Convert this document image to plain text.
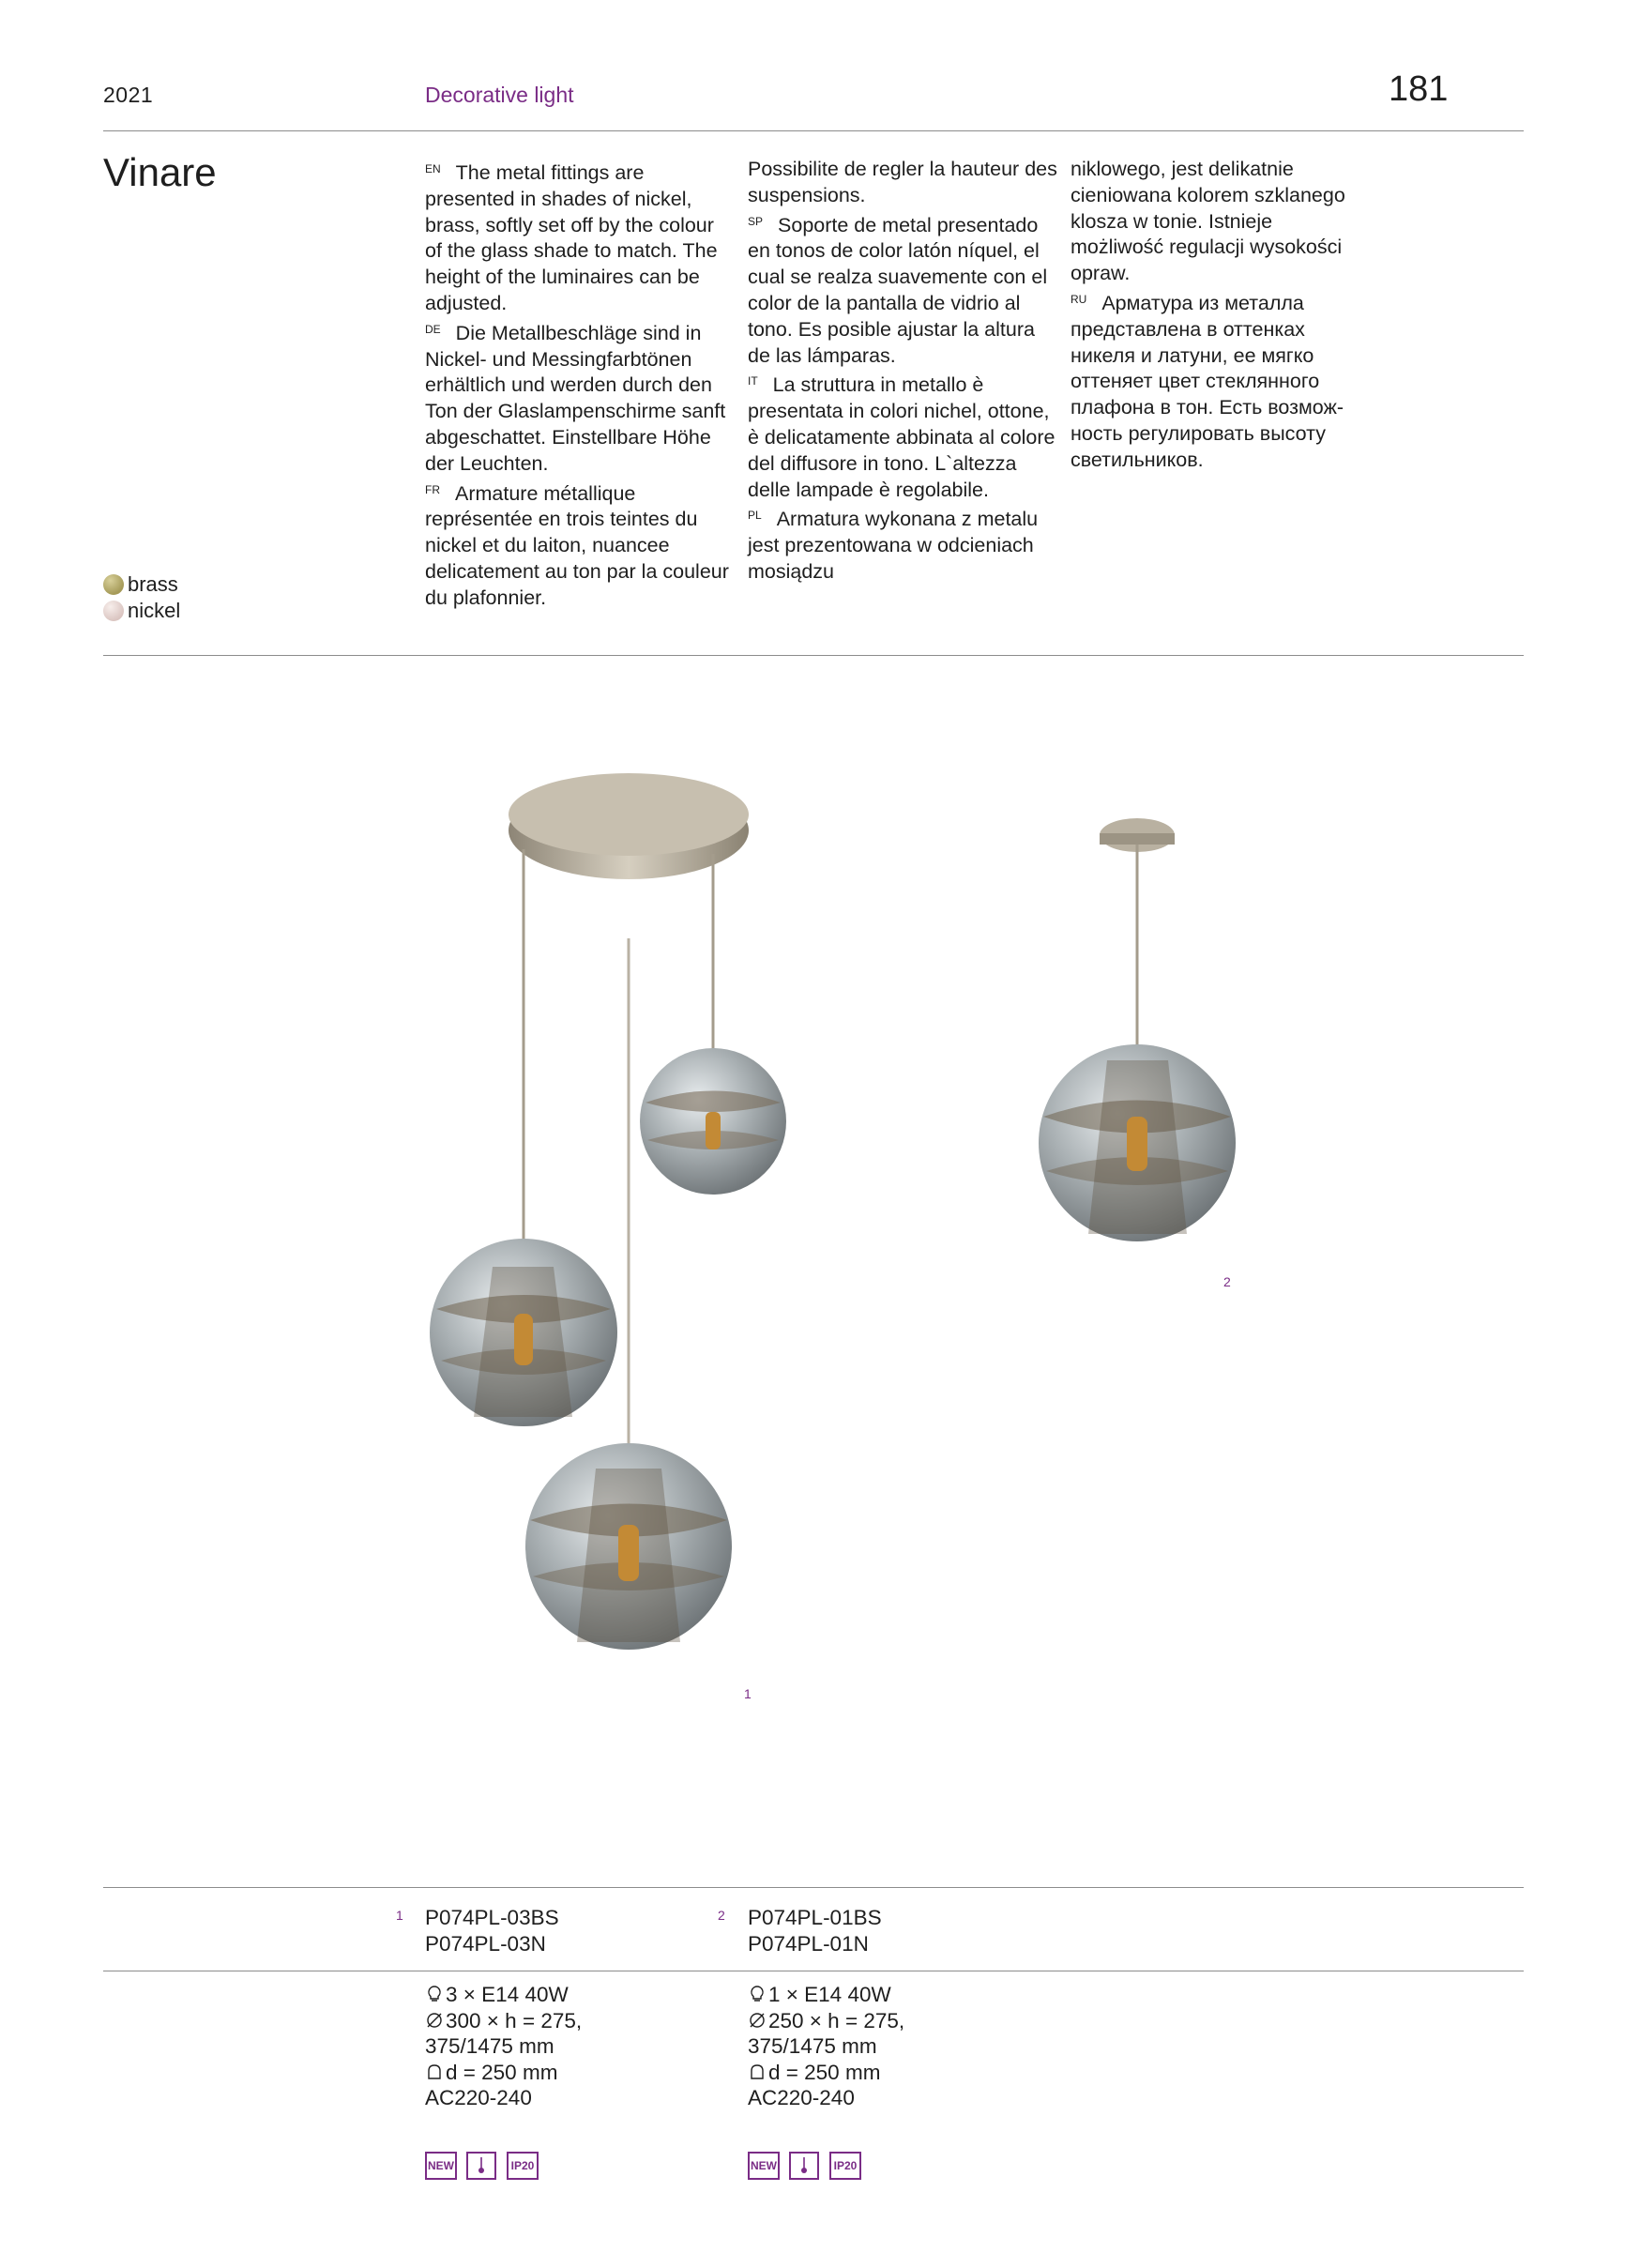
2021	Decorative light	181
Vinare	$^{EN}$ The metal fittings are presented in shades of nickel, brass, softly set off by the colour of the glass shade to match. The height of the luminaires can be adjusted.

$^{DE}$ Die Metallbeschläge sind in Nickel- und Messingfarbtönen erhältlich und werden durch den Ton der Glaslampenschirme sanft abgeschattet. Einstellbare Höhe der Leuchten.

$^{FR}$ Armature métallique représentée en trois teintes du nickel et du laiton, nuancee delicatement au ton par la couleur du plafonnier.

Possibilite de regler la hauteur des suspensions.

$^{SP}$ Soporte de metal presentado en tonos de color latón níquel, el cual se realza suavemente con el color de la pantalla de vidrio al tono. Es posible ajustar la altura de las lámparas.

$^{IT}$ La struttura in metallo è presentata in colori nichel, ottone, è delicatamente abbinata al colore del diffusore in tono. L`altezza delle lampade è regolabile.

$^{PL}$ Armatura wykonana z metalu jest prezentowana w odcieniach mosiądzu

niklowego, jest delikatnie cieniowana kolorem szklanego klosza w tonie. Istnieje możliwość regulacji wysokości opraw.

$^{RU}$ Арматура из металла представлена в оттенках никеля и латуни, ее мягко оттеняет цвет стеклянного плафона в тон. Есть возмож-ность регулировать высоту светильников.

brass
nickel
1
2
1 P074PL-03BS
P074PL-03N
2 P074PL-01BS
P074PL-01N
3 × E14 40W
300 × h = 275,
375/1475 mm
d = 250 mm
AC220-240
1 × E14 40W
250 × h = 275,
375/1475 mm
d = 250 mm
AC220-240
NEW	IP20	NEW	IP20
